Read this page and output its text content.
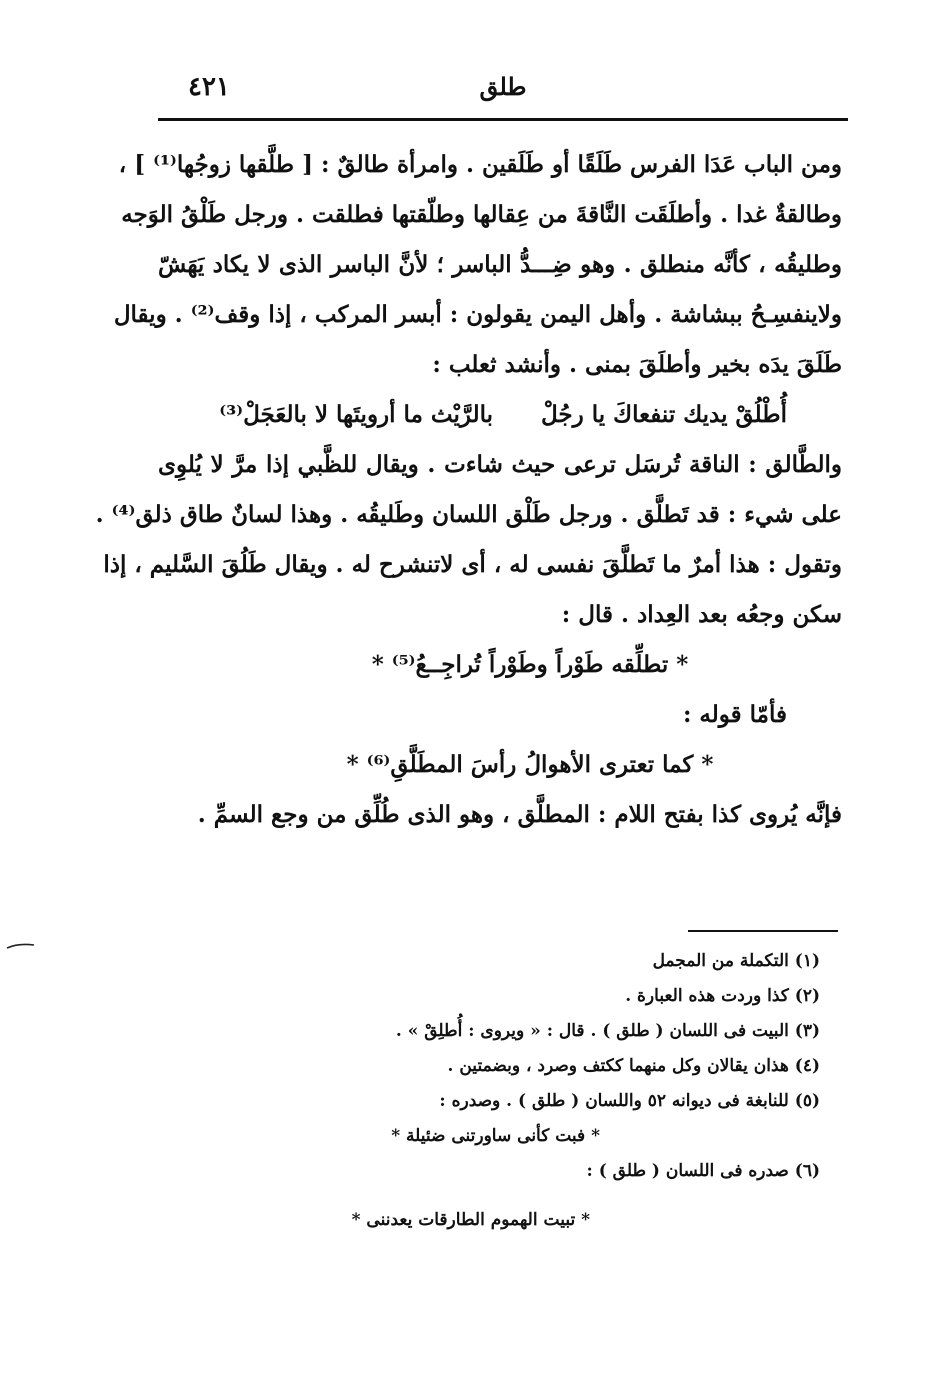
٤٢١	طلق
ومن الباب عَدَا الفرس طَلَقًا أو طَلَقين . وامرأة طالقٌ : [ طلَّقها زوجُها⁽¹⁾ ] ،
وطالقةٌ غدا . وأطلَقَت النَّاقةَ من عِقالها وطلّقتها فطلقت . ورجل طَلْقُ الوَجه
وطليقُه ، كأنَّه منطلق . وهو ضِـــدُّ الباسر ؛ لأنَّ الباسر الذى لا يكاد يَهَشّ
ولاينفسِـحُ ببشاشة . وأهل اليمن يقولون : أبسر المركب ، إذا وقف⁽²⁾ . ويقال
طَلَقَ يدَه بخير وأطلَقَ بمنى . وأنشد ثعلب :
أُطْلُقْ يديك تنفعاكَ يا رجُلْ بالرَّيْث ما أرويتَها لا بالعَجَلْ⁽³⁾
والطَّالق : الناقة تُرسَل ترعى حيث شاءت . ويقال للظَّبي إذا مرَّ لا يُلوِى
على شيء : قد تَطلَّق . ورجل طَلْق اللسان وطَليقُه . وهذا لسانٌ طاق ذلق⁽⁴⁾ .
وتقول : هذا أمرٌ ما تَطلَّقَ نفسى له ، أى لاتنشرح له . ويقال طَلُقَ السَّليم ، إذا
سكن وجعُه بعد العِداد . قال :
* تطلِّقه طَوْراً وطَوْراً تُراجِــعُ⁽⁵⁾ *
فأمّا قوله :
* كما تعترى الأهوالُ رأسَ المطَلَّقِ⁽⁶⁾ *
فإنَّه يُروى كذا بفتح اللام : المطلَّق ، وهو الذى طُلِّق من وجع السمِّ .
(١) التكملة من المجمل
(٢) كذا وردت هذه العبارة .
(٣) البيت فى اللسان ( طلق ) . قال : « ويروى : أُطلِقْ » .
(٤) هذان يقالان وكل منهما ككتف وصرد ، وبضمتين .
(٥) للنابغة فى ديوانه ٥٢ واللسان ( طلق ) . وصدره :
* فبت كأنى ساورتنى ضئيلة *
(٦) صدره فى اللسان ( طلق ) :
* تبيت الهموم الطارقات يعدننى *
